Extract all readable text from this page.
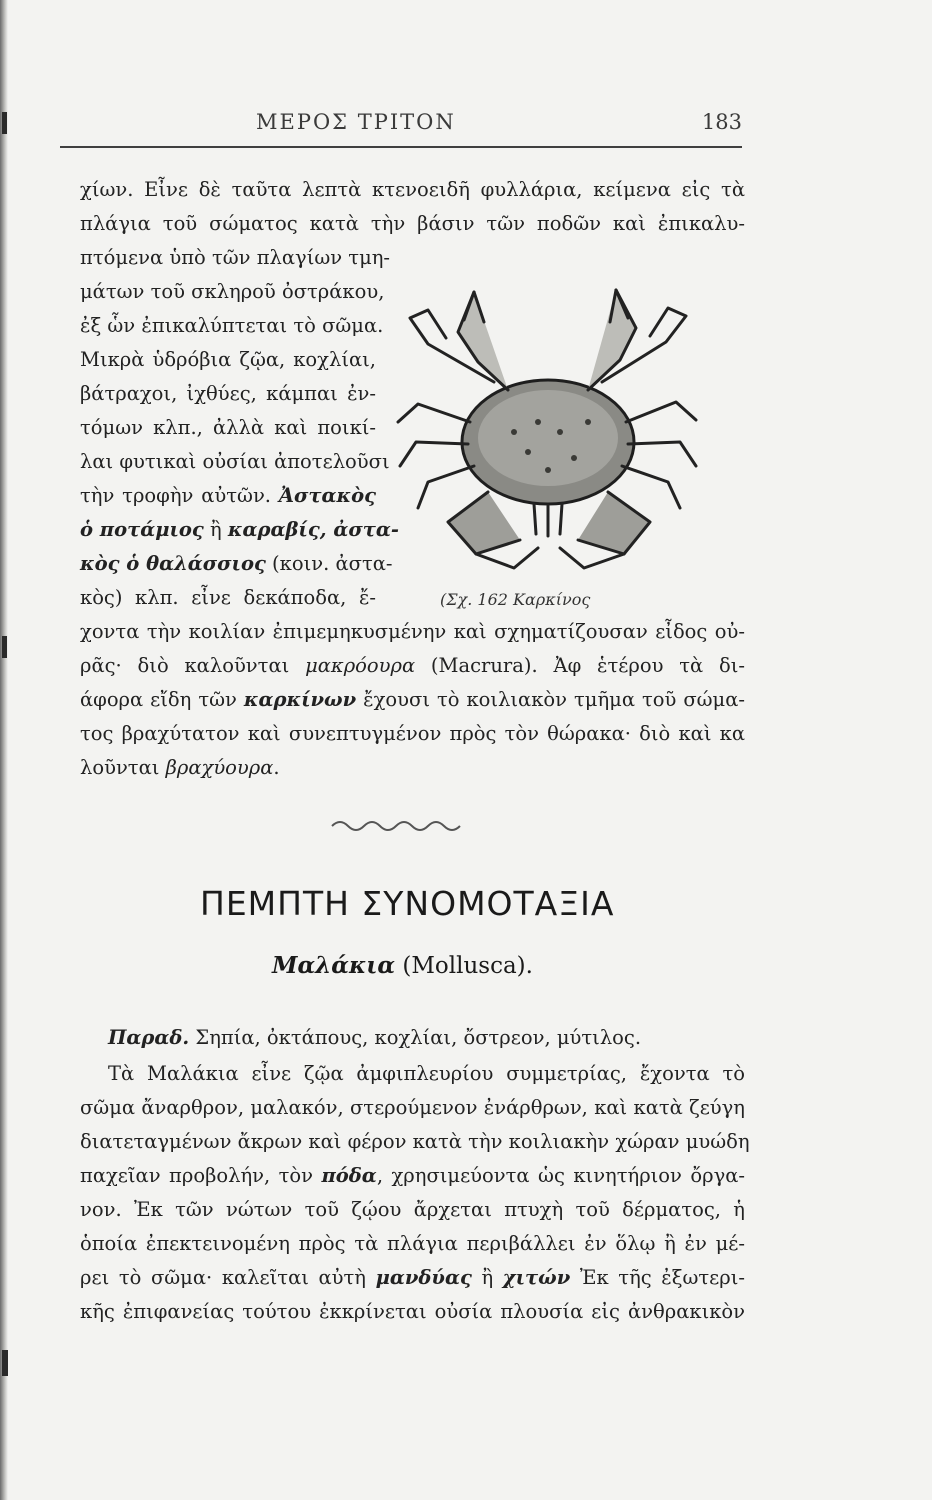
ΜΕΡΟΣ ΤΡΙΤΟΝ	183
χίων. Εἶνε δὲ ταῦτα λεπτὰ κτενοειδῆ φυλλάρια, κείμενα εἰς τὰ
πλάγια τοῦ σώματος κατὰ τὴν βάσιν τῶν ποδῶν καὶ ἐπικαλυ-
πτόμενα ὑπὸ τῶν πλαγίων τμη-
μάτων τοῦ σκληροῦ ὀστράκου,
ἐξ ὧν ἐπικαλύπτεται τὸ σῶμα.
Μικρὰ ὑδρόβια ζῷα, κοχλίαι,
βάτραχοι, ἰχθύες, κάμπαι ἐν-
τόμων κλπ., ἀλλὰ καὶ ποικί-
λαι φυτικαὶ οὐσίαι ἀποτελοῦσι
τὴν τροφὴν αὐτῶν. Ἀστακὸς
ὁ ποτάμιος ἢ καραβίς, ἀστα-
κὸς ὁ θαλάσσιος (κοιν. ἀστα-
κὸς) κλπ. εἶνε δεκάποδα, ἔ-	(Σχ. 162 Καρκίνος
χοντα τὴν κοιλίαν ἐπιμεμηκυσμένην καὶ σχηματίζουσαν εἶδος οὐ-
ρᾶς· διὸ καλοῦνται μακρόουρα (Macrura). Ἀφ ἑτέρου τὰ δι-
άφορα εἴδη τῶν καρκίνων ἔχουσι τὸ κοιλιακὸν τμῆμα τοῦ σώμα-
τος βραχύτατον καὶ συνεπτυγμένον πρὸς τὸν θώρακα· διὸ καὶ κα
λοῦνται βραχύουρα.
ΠΕΜΠΤΗ ΣΥΝΟΜΟΤΑΞΙΑ
Μαλάκια (Mollusca).
Παραδ. Σηπία, ὀκτάπους, κοχλίαι, ὄστρεον, μύτιλος.
Τὰ Μαλάκια εἶνε ζῷα ἀμφιπλευρίου συμμετρίας, ἔχοντα τὸ
σῶμα ἄναρθρον, μαλακόν, στερούμενον ἐνάρθρων, καὶ κατὰ ζεύγη
διατεταγμένων ἄκρων καὶ φέρον κατὰ τὴν κοιλιακὴν χώραν μυώδη
παχεῖαν προβολήν, τὸν πόδα, χρησιμεύοντα ὡς κινητήριον ὄργα-
νον. Ἐκ τῶν νώτων τοῦ ζῴου ἄρχεται πτυχὴ τοῦ δέρματος, ἡ
ὁποία ἐπεκτεινομένη πρὸς τὰ πλάγια περιβάλλει ἐν ὅλῳ ἢ ἐν μέ-
ρει τὸ σῶμα· καλεῖται αὐτὴ μανδύας ἢ χιτών Ἐκ τῆς ἐξωτερι-
κῆς ἐπιφανείας τούτου ἐκκρίνεται οὐσία πλουσία εἰς ἀνθρακικὸν
